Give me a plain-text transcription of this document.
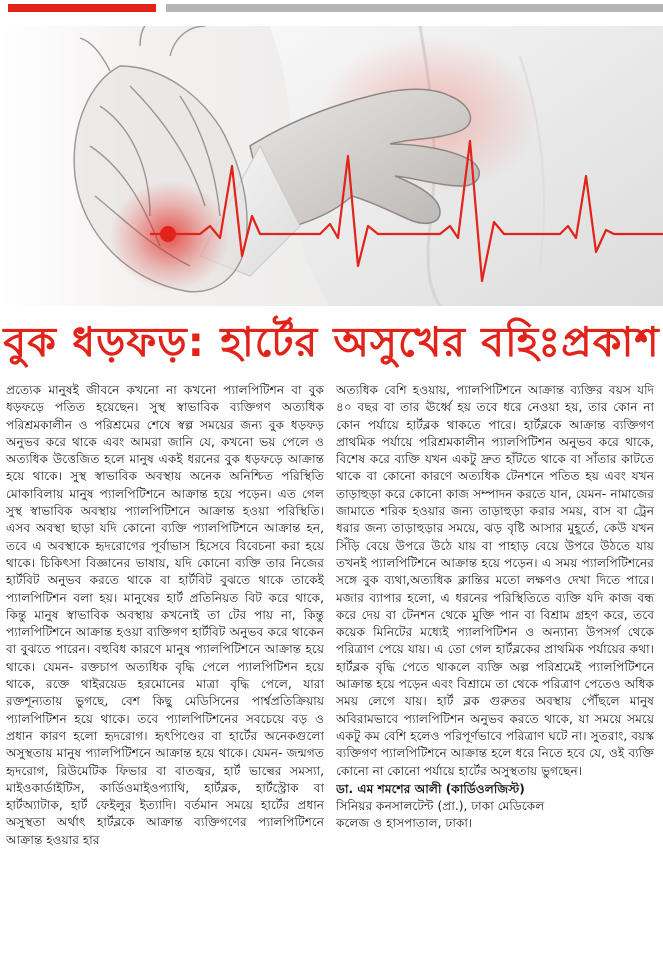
বুক ধড়ফড়: হার্টের অসুখের বহিঃপ্রকাশ

প্রত্যেক মানুষই জীবনে কখনো না কখনো প্যালপিটিশন বা বুক ধড়ফড়ে পতিত হয়েছেন। সুস্থ স্বাভাবিক ব্যক্তিগণ অত্যধিক পরিশ্রমকালীন ও পরিশ্রমের শেষে স্বল্প সময়ের জন্য বুক ধড়ফড় অনুভব করে থাকে এবং আমরা জানি যে, কখনো ভয় পেলে ও অত্যধিক উত্তেজিত হলে মানুষ একই ধরনের বুক ধড়ফড়ে আক্রান্ত হয়ে থাকে। সুস্থ স্বাভাবিক অবস্থায় অনেক অনিশ্চিত পরিস্থিতি মোকাবিলায় মানুষ প্যালপিটিশনে আক্রান্ত হয়ে পড়েন। এত গেল সুস্থ স্বাভাবিক অবস্থায় প্যালপিটিশনে আক্রান্ত হওয়া পরিস্থিতি। এসব অবস্থা ছাড়া যদি কোনো ব্যক্তি প্যালপিটিশনে আক্রান্ত হন, তবে এ অবস্থাকে হৃদরোগের পূর্বাভাস হিসেবে বিবেচনা করা হয়ে থাকে। চিকিৎসা বিজ্ঞানের ভাষায়, যদি কোনো ব্যক্তি তার নিজের হার্টবিট অনুভব করতে থাকে বা হার্টবিট বুঝতে থাকে তাকেই প্যালপিটিশন বলা হয়। মানুষের হার্ট প্রতিনিয়ত বিট করে থাকে, কিন্তু মানুষ স্বাভাবিক অবস্থায় কখনোই তা টের পায় না, কিন্তু প্যালপিটিশনে আক্রান্ত হওয়া ব্যক্তিগণ হার্টবিট অনুভব করে থাকেন বা বুঝতে পারেন। বহুবিধ কারণে মানুষ প্যালপিটিশনে আক্রান্ত হয়ে থাকে। যেমন- রক্তচাপ অত্যধিক বৃদ্ধি পেলে প্যালপিটিশন হয়ে থাকে, রক্তে থাইরয়েড হরমোনের মাত্রা বৃদ্ধি পেলে, যারা রক্তশূন্যতায় ভুগছে, বেশ কিছু মেডিসিনের পার্শ্বপ্রতিক্রিয়ায় প্যালপিটিশন হয়ে থাকে। তবে প্যালপিটিশনের সবচেয়ে বড় ও প্রধান কারণ হলো হৃদরোগ। হৃৎপিণ্ডের বা হার্টের অনেকগুলো অসুস্থতায় মানুষ প্যালপিটিশনে আক্রান্ত হয়ে থাকে। যেমন- জন্মগত হৃদরোগ, রিউমেটিক ফিভার বা বাতজ্বর, হার্ট ভাল্বের সমস্যা, মাইওকার্ডাইটিস, কার্ডিওমাইওপ্যাথি, হার্টব্লক, হার্টস্ট্রোক বা হার্টঅ্যাটাক, হার্ট ফেইলুর ইত্যাদি। বর্তমান সময়ে হার্টের প্রধান অসুস্থতা অর্থাৎ হার্টব্লকে আক্রান্ত ব্যক্তিগণের প্যালপিটিশনে আক্রান্ত হওয়ার হার

অত্যধিক বেশি হওয়ায়, প্যালপিটিশনে আক্রান্ত ব্যক্তির বয়স যদি ৪০ বছর বা তার ঊর্ধ্বে হয় তবে ধরে নেওয়া হয়, তার কোন না কোন পর্যায়ে হার্টব্লক থাকতে পারে। হার্টব্লকে আক্রান্ত ব্যক্তিগণ প্রাথমিক পর্যায়ে পরিশ্রমকালীন প্যালপিটিশন অনুভব করে থাকে, বিশেষ করে ব্যক্তি যখন একটু দ্রুত হাঁটতে থাকে বা সাঁতার কাটতে থাকে বা কোনো কারণে অত্যধিক টেনশনে পতিত হয় এবং যখন তাড়াহুড়া করে কোনো কাজ সম্পাদন করতে যান, যেমন- নামাজের জামাতে শরিক হওয়ার জন্য তাড়াহুড়া করার সময়, বাস বা ট্রেন ধরার জন্য তাড়াহুড়ার সময়ে, ঝড় বৃষ্টি আসার মুহূর্তে, কেউ যখন সিঁড়ি বেয়ে উপরে উঠে যায় বা পাহাড় বেয়ে উপরে উঠতে যায় তখনই প্যালপিটিশনে আক্রান্ত হয়ে পড়েন। এ সময় প্যালপিটিশনের সঙ্গে বুক ব্যথা,অত্যধিক ক্লান্তির মতো লক্ষণও দেখা দিতে পারে। মজার ব্যাপার হলো, এ ধরনের পরিস্থিতিতে ব্যক্তি যদি কাজ বন্ধ করে দেয় বা টেনশন থেকে মুক্তি পান বা বিশ্রাম গ্রহণ করে, তবে কয়েক মিনিটের মধ্যেই প্যালপিটিশন ও অন্যান্য উপসর্গ থেকে পরিত্রাণ পেয়ে যায়। এ তো গেল হার্টব্লকের প্রাথমিক পর্যায়ের কথা। হার্টব্লক বৃদ্ধি পেতে থাকলে ব্যক্তি অল্প পরিশ্রমেই প্যালপিটিশনে আক্রান্ত হয়ে পড়েন এবং বিশ্রামে তা থেকে পরিত্রাণ পেতেও অধিক সময় লেগে যায়। হার্ট ব্লক গুরুতর অবস্থায় পৌঁছলে মানুষ অবিরামভাবে প্যালপিটিশন অনুভব করতে থাকে, যা সময়ে সময়ে একটু কম বেশি হলেও পরিপূর্ণভাবে পরিত্রাণ ঘটে না। সুতরাং, বয়স্ক ব্যক্তিগণ প্যালপিটিশনে আক্রান্ত হলে ধরে নিতে হবে যে, ওই ব্যক্তি কোনো না কোনো পর্যায়ে হার্টের অসুস্থতায় ভুগছেন।

ডা. এম শমশের আলী (কার্ডিওলজিস্ট)
সিনিয়র কনসালটেন্ট (প্রা.), ঢাকা মেডিকেল
কলেজ ও হাসপাতাল, ঢাকা।
